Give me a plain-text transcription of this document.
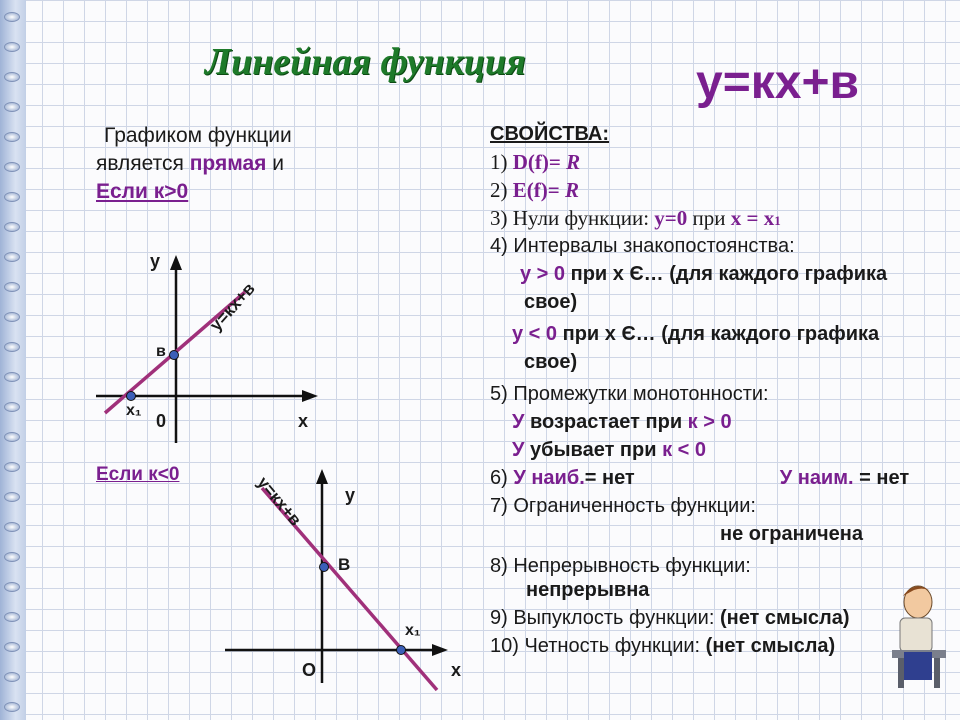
Линейная функция	у=кх+в
Графиком функции
является прямая и
Если к>0
Если к<0
у
х
0
в
х₁
у=кх+в
у
х
О
В
х₁
у=кх+в
СВОЙСТВА:
1) D(f)= R
2) E(f)= R
3) Нули функции: у=0 при х = х1
4) Интервалы знакопостоянства:
у > 0 при х Є… (для каждого графика
свое)
у < 0 при х Є… (для каждого графика
свое)
5) Промежутки монотонности:
У возрастает при к > 0
У убывает при к < 0
6) У наиб.= нет	У наим. = нет
7) Ограниченность функции:
не ограничена
8) Непрерывность функции:
непрерывна
9) Выпуклость функции: (нет смысла)
10) Четность функции: (нет смысла)
